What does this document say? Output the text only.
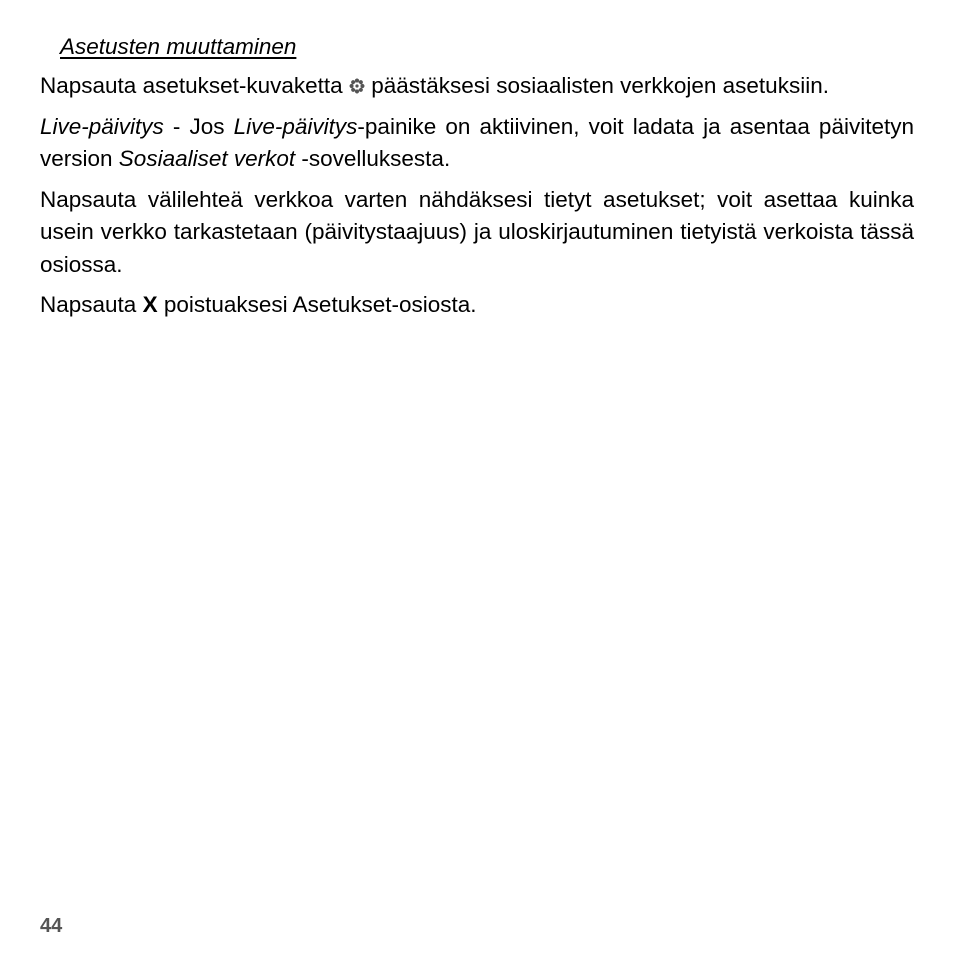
Asetusten muuttaminen

Napsauta asetukset-kuvaketta päästäksesi sosiaalisten verkkojen asetuksiin.

Live-päivitys - Jos Live-päivitys-painike on aktiivinen, voit ladata ja asentaa päivitetyn version Sosiaaliset verkot -sovelluksesta.

Napsauta välilehteä verkkoa varten nähdäksesi tietyt asetukset; voit asettaa kuinka usein verkko tarkastetaan (päivitystaajuus) ja uloskirjautuminen tietyistä verkoista tässä osiossa.

Napsauta X poistuaksesi Asetukset-osiosta.

44
